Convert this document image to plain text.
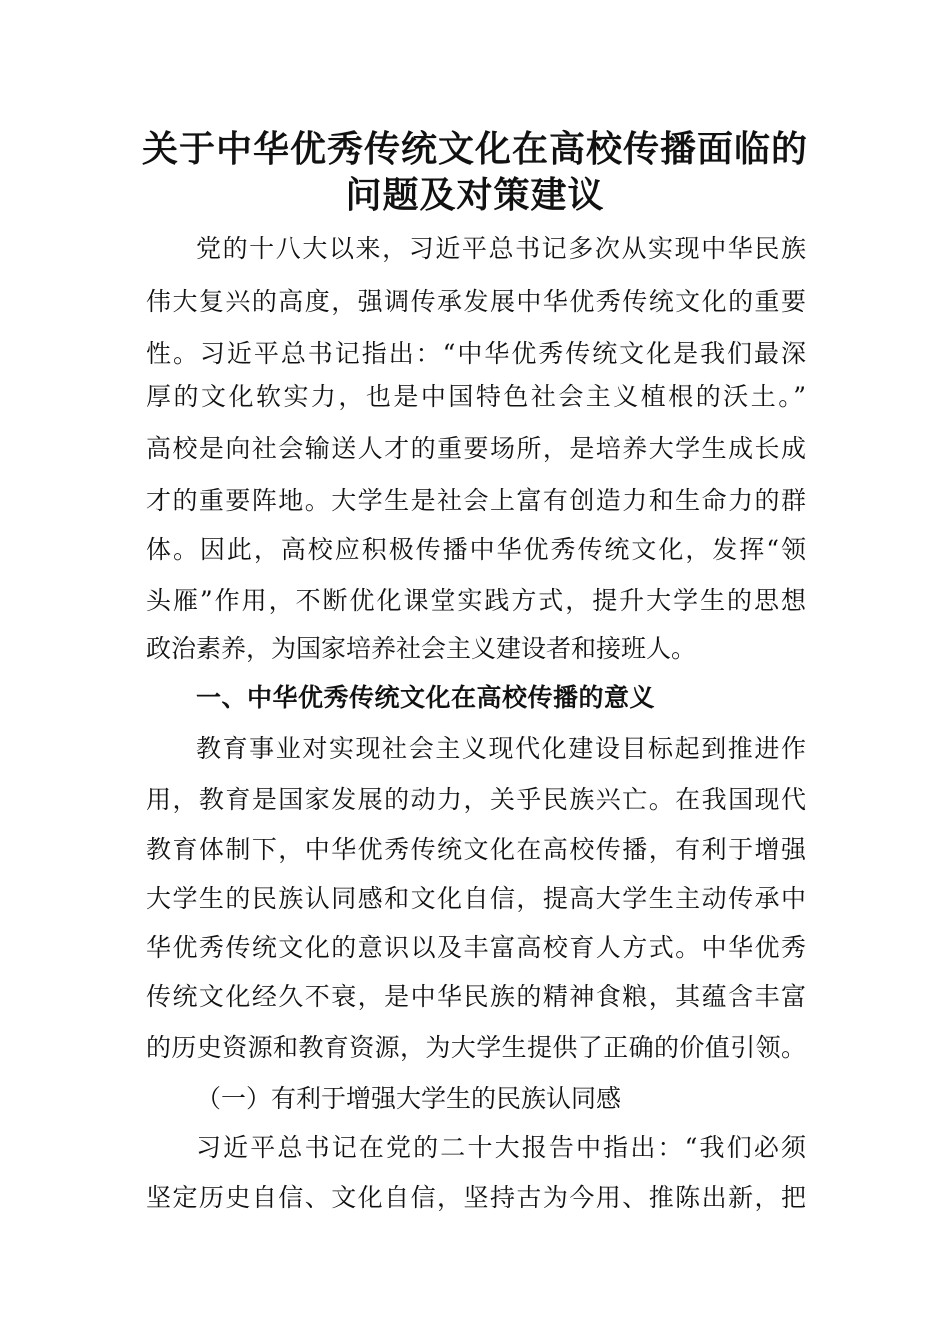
关于中华优秀传统文化在高校传播面临的
问题及对策建议

党的十八大以来，习近平总书记多次从实现中华民族

伟大复兴的高度，强调传承发展中华优秀传统文化的重要

性。习近平总书记指出：“中华优秀传统文化是我们最深

厚的文化软实力，也是中国特色社会主义植根的沃土。”

高校是向社会输送人才的重要场所，是培养大学生成长成

才的重要阵地。大学生是社会上富有创造力和生命力的群

体。因此，高校应积极传播中华优秀传统文化，发挥“领

头雁”作用，不断优化课堂实践方式，提升大学生的思想

政治素养，为国家培养社会主义建设者和接班人。

一、中华优秀传统文化在高校传播的意义

教育事业对实现社会主义现代化建设目标起到推进作

用，教育是国家发展的动力，关乎民族兴亡。在我国现代

教育体制下，中华优秀传统文化在高校传播，有利于增强

大学生的民族认同感和文化自信，提高大学生主动传承中

华优秀传统文化的意识以及丰富高校育人方式。中华优秀

传统文化经久不衰，是中华民族的精神食粮，其蕴含丰富

的历史资源和教育资源，为大学生提供了正确的价值引领。

（一）有利于增强大学生的民族认同感

习近平总书记在党的二十大报告中指出：“我们必须

坚定历史自信、文化自信，坚持古为今用、推陈出新，把
